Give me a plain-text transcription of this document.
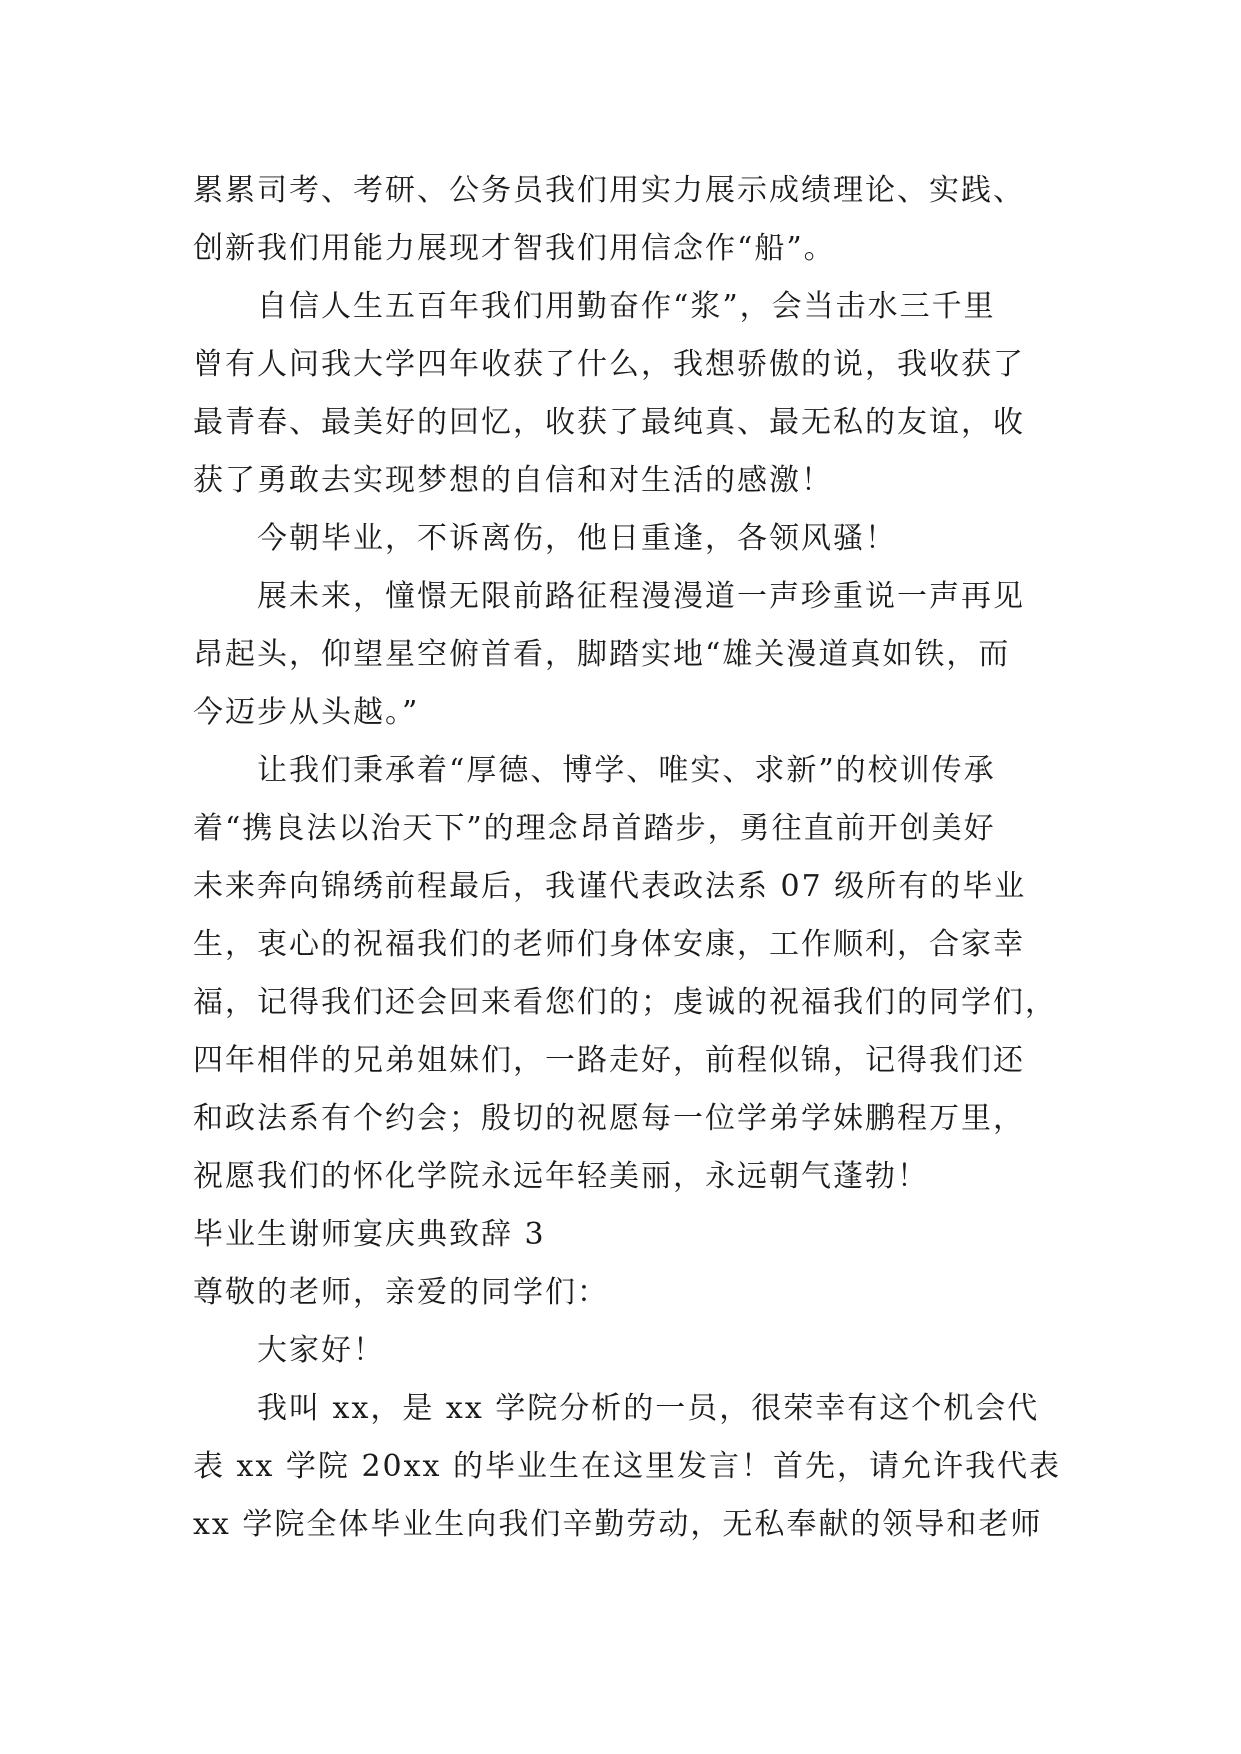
累累司考、考研、公务员我们用实力展示成绩理论、实践、
创新我们用能力展现才智我们用信念作“船”。
自信人生五百年我们用勤奋作“浆”，会当击水三千里
曾有人问我大学四年收获了什么，我想骄傲的说，我收获了
最青春、最美好的回忆，收获了最纯真、最无私的友谊，收
获了勇敢去实现梦想的自信和对生活的感激！
今朝毕业，不诉离伤，他日重逢，各领风骚！
展未来，憧憬无限前路征程漫漫道一声珍重说一声再见
昂起头，仰望星空俯首看，脚踏实地“雄关漫道真如铁，而
今迈步从头越。”
让我们秉承着“厚德、博学、唯实、求新”的校训传承
着“携良法以治天下”的理念昂首踏步，勇往直前开创美好
未来奔向锦绣前程最后，我谨代表政法系 07 级所有的毕业
生，衷心的祝福我们的老师们身体安康，工作顺利，合家幸
福，记得我们还会回来看您们的；虔诚的祝福我们的同学们，
四年相伴的兄弟姐妹们，一路走好，前程似锦，记得我们还
和政法系有个约会；殷切的祝愿每一位学弟学妹鹏程万里，
祝愿我们的怀化学院永远年轻美丽，永远朝气蓬勃！
毕业生谢师宴庆典致辞 3
尊敬的老师，亲爱的同学们：
大家好！
我叫 xx，是 xx 学院分析的一员，很荣幸有这个机会代
表 xx 学院 20xx 的毕业生在这里发言！首先，请允许我代表
xx 学院全体毕业生向我们辛勤劳动，无私奉献的领导和老师
